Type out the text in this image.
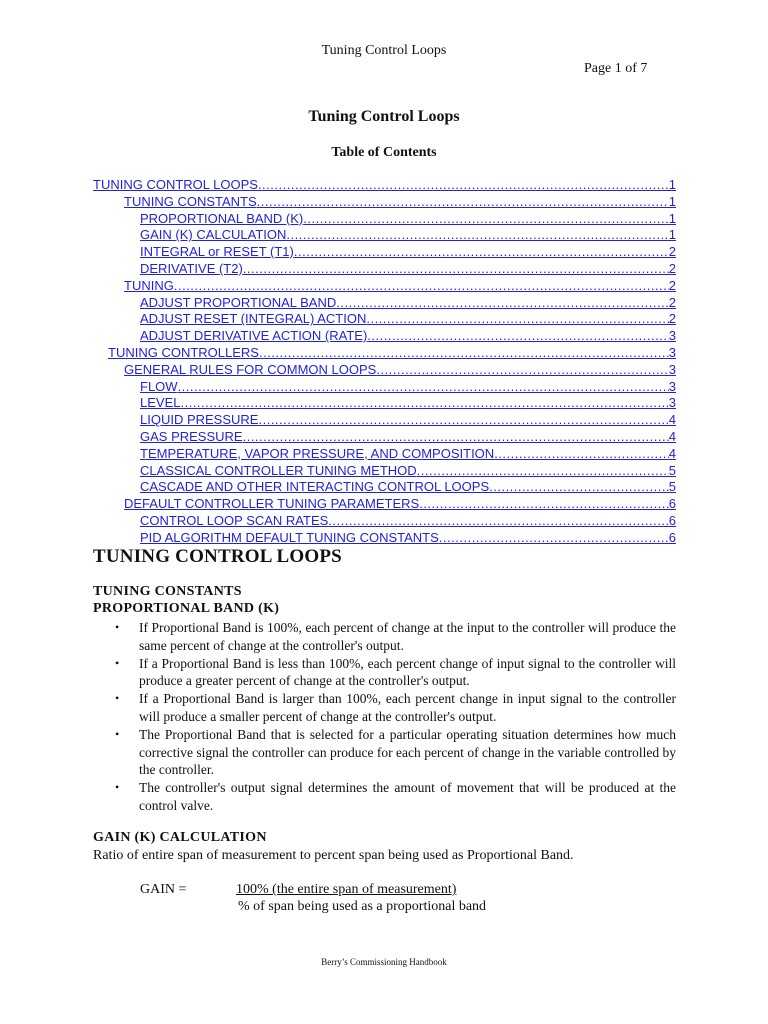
Tuning Control Loops
Page 1 of 7
Tuning Control Loops
Table of Contents
TUNING CONTROL LOOPS .....	1
TUNING CONSTANTS .....	1
PROPORTIONAL BAND (K) .....	1
GAIN (K) CALCULATION .....	1
INTEGRAL or RESET (T1) .....	2
DERIVATIVE (T2) .....	2
TUNING .....	2
ADJUST PROPORTIONAL BAND .....	2
ADJUST RESET (INTEGRAL) ACTION .....	2
ADJUST DERIVATIVE ACTION (RATE) .....	3
TUNING CONTROLLERS .....	3
GENERAL RULES FOR COMMON LOOPS .....	3
FLOW .....	3
LEVEL .....	3
LIQUID PRESSURE .....	4
GAS PRESSURE .....	4
TEMPERATURE, VAPOR PRESSURE, AND COMPOSITION .....	4
CLASSICAL CONTROLLER TUNING METHOD .....	5
CASCADE AND OTHER INTERACTING CONTROL LOOPS .....	5
DEFAULT CONTROLLER TUNING PARAMETERS .....	6
CONTROL LOOP SCAN RATES .....	6
PID ALGORITHM DEFAULT TUNING CONSTANTS .....	6
TUNING CONTROL LOOPS
TUNING CONSTANTS
PROPORTIONAL BAND (K)
• If Proportional Band is 100%, each percent of change at the input to the controller will produce the same percent of change at the controller's output.
• If a Proportional Band is less than 100%, each percent change of input signal to the controller will produce a greater percent of change at the controller's output.
• If a Proportional Band is larger than 100%, each percent change in input signal to the controller will produce a smaller percent of change at the controller's output.
• The Proportional Band that is selected for a particular operating situation determines how much corrective signal the controller can produce for each percent of change in the variable controlled by the controller.
• The controller's output signal determines the amount of movement that will be produced at the control valve.
GAIN (K) CALCULATION
Ratio of entire span of measurement to percent span being used as Proportional Band.
GAIN =	100% (the entire span of measurement)
% of span being used as a proportional band
Berry’s Commissioning Handbook
